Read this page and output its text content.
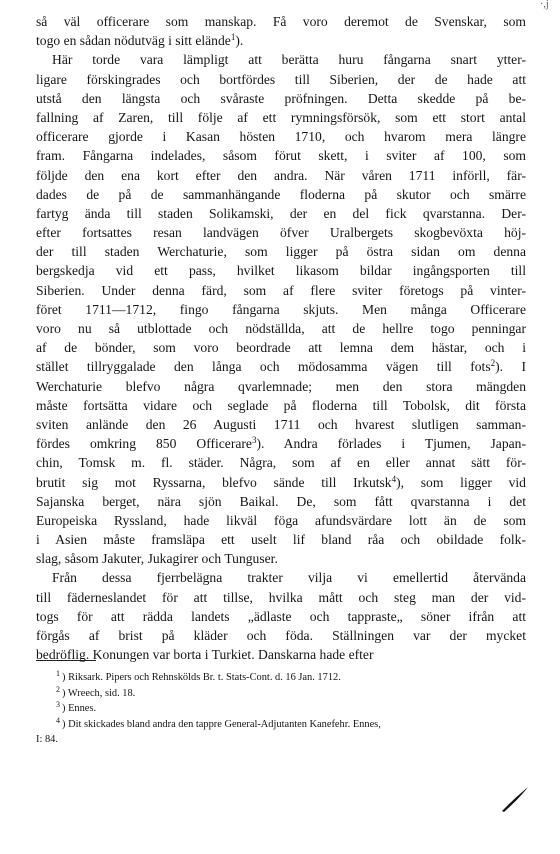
·,j
så väl officerare som manskap. Få voro deremot de Svenskar, som
togo en sådan nödutväg i sitt elände$^1$).
Här torde vara lämpligt att berätta huru fångarna snart ytter-
ligare förskingrades och bortfördes till Siberien, der de hade att
utstå den längsta och svåraste pröfningen. Detta skedde på be-
fallning af Zaren, till följe af ett rymningsförsök, som ett stort antal
officerare gjorde i Kasan hösten 1710, och hvarom mera längre
fram. Fångarna indelades, såsom förut skett, i sviter af 100, som
följde den ena kort efter den andra. När våren 1711 införll, fär-
dades de på de sammanhängande floderna på skutor och smärre
fartyg ända till staden Solikamski, der en del fick qvarstanna. Der-
efter fortsattes resan landvägen öfver Uralbergets skogbevöxta höj-
der till staden Werchaturie, som ligger på östra sidan om denna
bergskedja vid ett pass, hvilket likasom bildar ingångsporten till
Siberien. Under denna färd, som af flere sviter företogs på vinter-
föret 1711—1712, fingo fångarna skjuts. Men många Officerare
voro nu så utblottade och nödställda, att de hellre togo penningar
af de bönder, som voro beordrade att lemna dem hästar, och i
stället tillryggalade den långa och mödosamma vägen till fots$^2$). I
Werchaturie blefvo några qvarlemnade; men den stora mängden
måste fortsätta vidare och seglade på floderna till Tobolsk, dit första
sviten anlände den 26 Augusti 1711 och hvarest slutligen samman-
fördes omkring 850 Officerare$^3$). Andra förlades i Tjumen, Japan-
chin, Tomsk m. fl. städer. Några, som af en eller annat sätt för-
brutit sig mot Ryssarna, blefvo sände till Irkutsk$^4$), som ligger vid
Sajanska berget, nära sjön Baikal. De, som fått qvarstanna i det
Europeiska Ryssland, hade likväl föga afundsvärdare lott än de som
i Asien måste framsläpa ett uselt lif bland råa och obildade folk-
slag, såsom Jakuter, Jukagirer och Tunguser.
Från dessa fjerrbelägna trakter vilja vi emellertid återvända
till fäderneslandet för att tillse, hvilka mått och steg man der vid-
togs för att rädda landets „ädlaste och tappraste„ söner ifrån att
förgås af brist på kläder och föda. Ställningen var der mycket
bedröflig. Konungen var borta i Turkiet. Danskarna hade efter
$^1$ ) Riksark. Pipers och Rehnskölds Br. t. Stats-Cont. d. 16 Jan. 1712.
$^2$ ) Wreech, sid. 18.
$^3$ ) Ennes.
$^4$ ) Dit skickades bland andra den tappre General-Adjutanten Kanefehr. Ennes,
I: 84.
